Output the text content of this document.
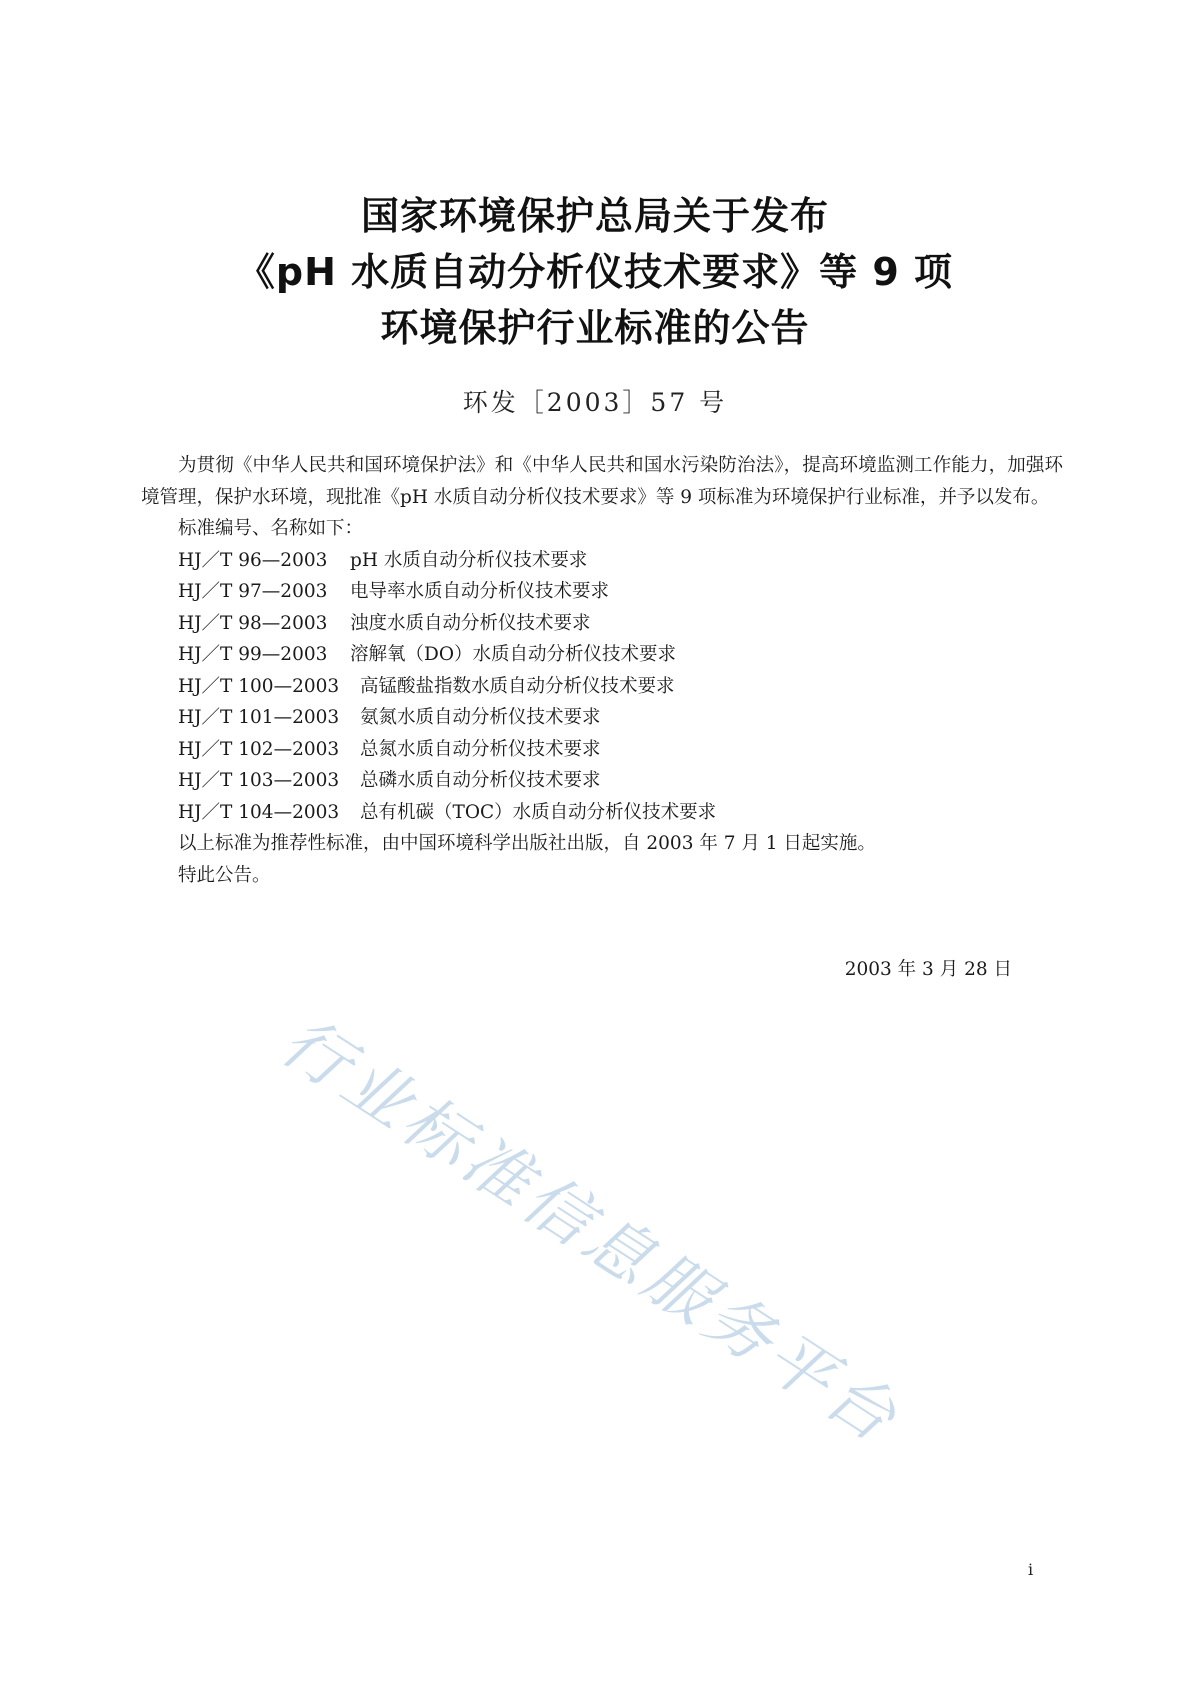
国家环境保护总局关于发布
《pH 水质自动分析仪技术要求》等 9 项
环境保护行业标准的公告
环发［2003］57 号

为贯彻《中华人民共和国环境保护法》和《中华人民共和国水污染防治法》，提高环境监测工作能力，加强环境管理，保护水环境，现批准《pH 水质自动分析仪技术要求》等 9 项标准为环境保护行业标准，并予以发布。

标准编号、名称如下：
HJ／T 96—2003	pH 水质自动分析仪技术要求
HJ／T 97—2003	电导率水质自动分析仪技术要求
HJ／T 98—2003	浊度水质自动分析仪技术要求
HJ／T 99—2003	溶解氧（DO）水质自动分析仪技术要求
HJ／T 100—2003	高锰酸盐指数水质自动分析仪技术要求
HJ／T 101—2003	氨氮水质自动分析仪技术要求
HJ／T 102—2003	总氮水质自动分析仪技术要求
HJ／T 103—2003	总磷水质自动分析仪技术要求
HJ／T 104—2003	总有机碳（TOC）水质自动分析仪技术要求
以上标准为推荐性标准，由中国环境科学出版社出版，自 2003 年 7 月 1 日起实施。
特此公告。
2003 年 3 月 28 日
行业标准信息服务平台
i
